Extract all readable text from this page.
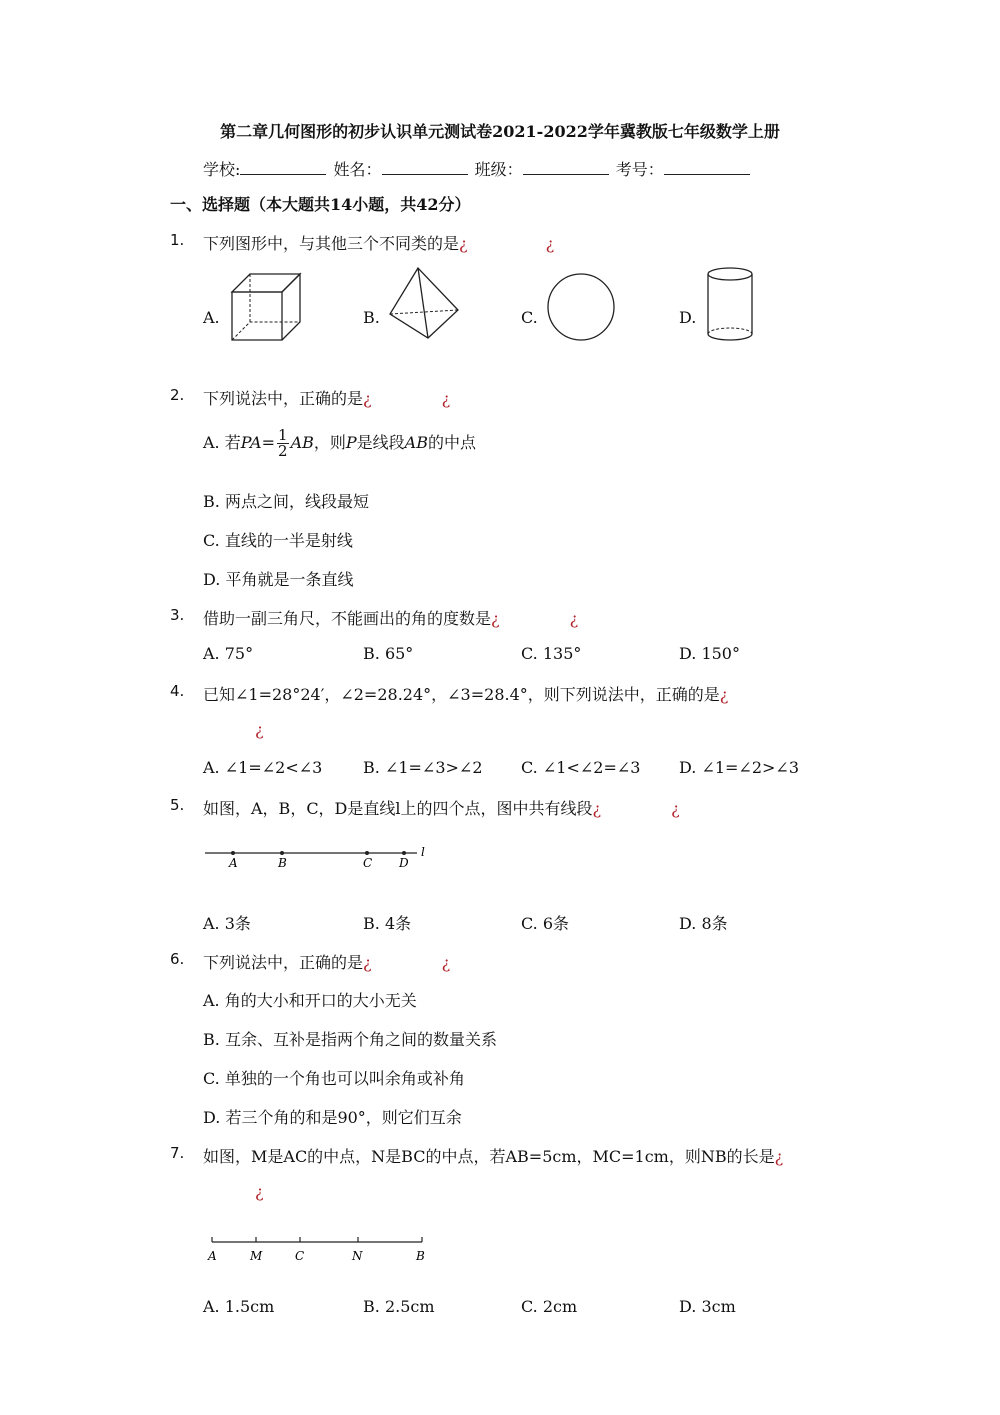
第二章几何图形的初步认识单元测试卷2021-2022学年冀教版七年级数学上册
学校:	姓名：	班级：	考号：
一、选择题（本大题共14小题，共42分）
1. 下列图形中，与其他三个不同类的是¿	¿
A.	B.	C.	D.
2. 下列说法中，正确的是¿	¿
A. 若$PA= \frac{1}{2}$ AB，则P是线段AB的中点
B. 两点之间，线段最短
C. 直线的一半是射线
D. 平角就是一条直线
3. 借助一副三角尺，不能画出的角的度数是¿	¿
A. 75°	B. 65°	C. 135°	D. 150°
4. 已知∠1=28°24′，∠2=28.24°，∠3=28.4°，则下列说法中，正确的是¿
¿
A. ∠1=∠2<∠3	B. ∠1=∠3>∠2 C. ∠1<∠2=∠3 D. ∠1=∠2>∠3
5. 如图，A，B，C，D是直线l上的四个点，图中共有线段¿	¿
A	B	C D
l
A. 3条	B. 4条	C. 6条	D. 8条
6. 下列说法中，正确的是¿	¿
A. 角的大小和开口的大小无关
B. 互余、互补是指两个角之间的数量关系
C. 单独的一个角也可以叫余角或补角
D. 若三个角的和是90°，则它们互余
7. 如图，M是AC的中点，N是BC的中点，若AB=5cm，MC=1cm，则NB的长是¿
¿
A	M	C	N	B
A. 1.5cm	B. 2.5cm	C. 2cm	D. 3cm
